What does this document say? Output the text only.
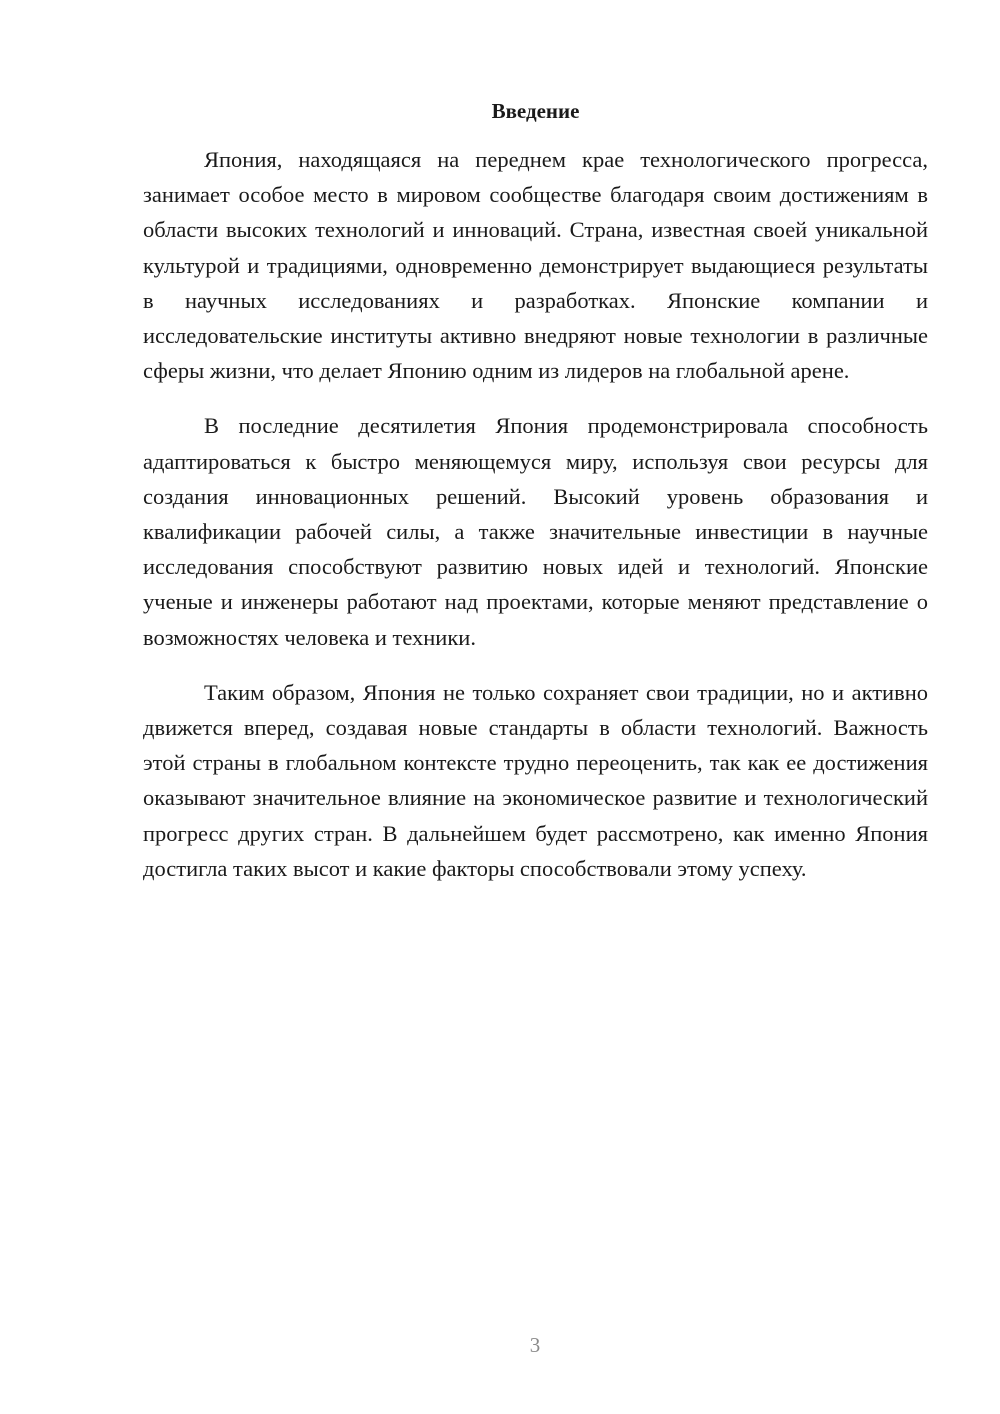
Введение

Япония, находящаяся на переднем крае технологического прогресса, занимает особое место в мировом сообществе благодаря своим достижениям в области высоких технологий и инноваций. Страна, известная своей уникальной культурой и традициями, одновременно демонстрирует выдающиеся результаты в научных исследованиях и разработках. Японские компании и исследовательские институты активно внедряют новые технологии в различные сферы жизни, что делает Японию одним из лидеров на глобальной арене.

В последние десятилетия Япония продемонстрировала способность адаптироваться к быстро меняющемуся миру, используя свои ресурсы для создания инновационных решений. Высокий уровень образования и квалификации рабочей силы, а также значительные инвестиции в научные исследования способствуют развитию новых идей и технологий. Японские ученые и инженеры работают над проектами, которые меняют представление о возможностях человека и техники.

Таким образом, Япония не только сохраняет свои традиции, но и активно движется вперед, создавая новые стандарты в области технологий. Важность этой страны в глобальном контексте трудно переоценить, так как ее достижения оказывают значительное влияние на экономическое развитие и технологический прогресс других стран. В дальнейшем будет рассмотрено, как именно Япония достигла таких высот и какие факторы способствовали этому успеху.

3
